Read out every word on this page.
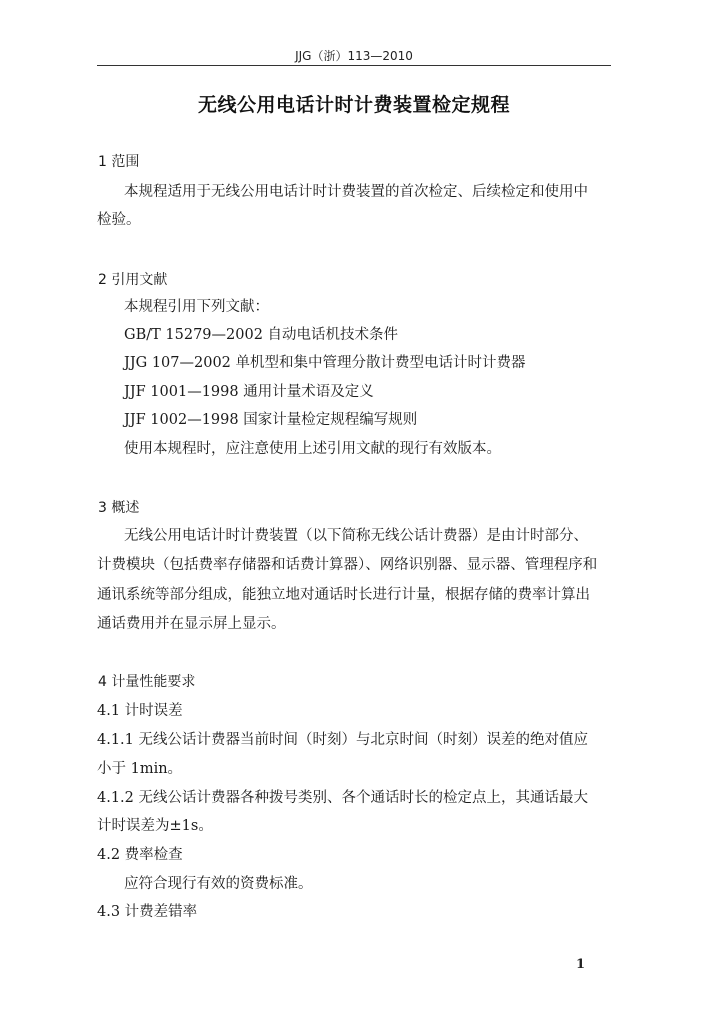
JJG（浙）113—2010
无线公用电话计时计费装置检定规程
1 范围
本规程适用于无线公用电话计时计费装置的首次检定、后续检定和使用中
检验。
2 引用文献
本规程引用下列文献：
GB/T 15279—2002 自动电话机技术条件
JJG 107—2002 单机型和集中管理分散计费型电话计时计费器
JJF 1001—1998 通用计量术语及定义
JJF 1002—1998 国家计量检定规程编写规则
使用本规程时，应注意使用上述引用文献的现行有效版本。
3 概述
无线公用电话计时计费装置（以下简称无线公话计费器）是由计时部分、
计费模块（包括费率存储器和话费计算器）、网络识别器、显示器、管理程序和
通讯系统等部分组成，能独立地对通话时长进行计量，根据存储的费率计算出
通话费用并在显示屏上显示。
4 计量性能要求
4.1 计时误差
4.1.1 无线公话计费器当前时间（时刻）与北京时间（时刻）误差的绝对值应
小于 1min。
4.1.2 无线公话计费器各种拨号类别、各个通话时长的检定点上，其通话最大
计时误差为±1s。
4.2 费率检查
应符合现行有效的资费标准。
4.3 计费差错率
1
